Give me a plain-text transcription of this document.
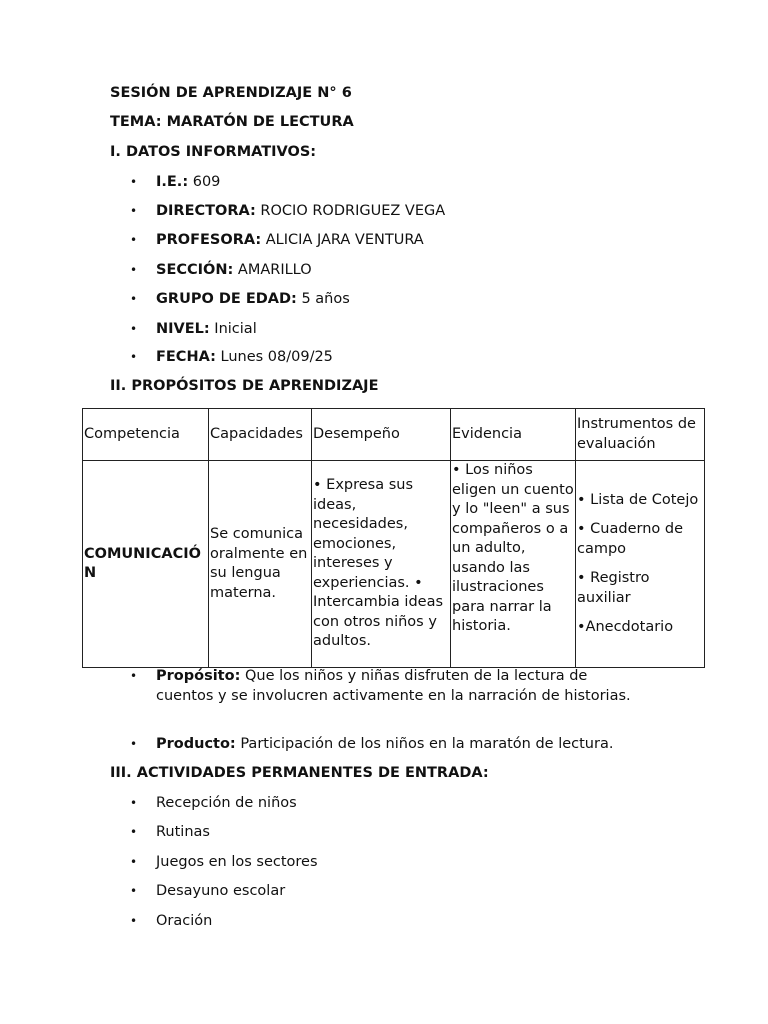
SESIÓN DE APRENDIZAJE N° 6
TEMA: MARATÓN DE LECTURA
I. DATOS INFORMATIVOS:
• I.E.: 609
• DIRECTORA: ROCIO RODRIGUEZ VEGA
• PROFESORA: ALICIA JARA VENTURA
• SECCIÓN: AMARILLO
• GRUPO DE EDAD: 5 años
• NIVEL: Inicial
• FECHA: Lunes 08/09/25
II. PROPÓSITOS DE APRENDIZAJE
Competencia	Capacidades	Desempeño	Evidencia	Instrumentos de evaluación
COMUNICACIÓN	Se comunica oralmente en su lengua materna.	• Expresa sus ideas, necesidades, emociones, intereses y experiencias. • Intercambia ideas con otros niños y adultos.	• Los niños eligen un cuento y lo "leen" a sus compañeros o a un adulto, usando las ilustraciones para narrar la historia.	• Lista de Cotejo

• Cuaderno de campo

• Registro auxiliar

•Anecdotario

• Propósito: Que los niños y niñas disfruten de la lectura de cuentos y se involucren activamente en la narración de historias.
• Producto: Participación de los niños en la maratón de lectura.
III. ACTIVIDADES PERMANENTES DE ENTRADA:
• Recepción de niños
• Rutinas
• Juegos en los sectores
• Desayuno escolar
• Oración
